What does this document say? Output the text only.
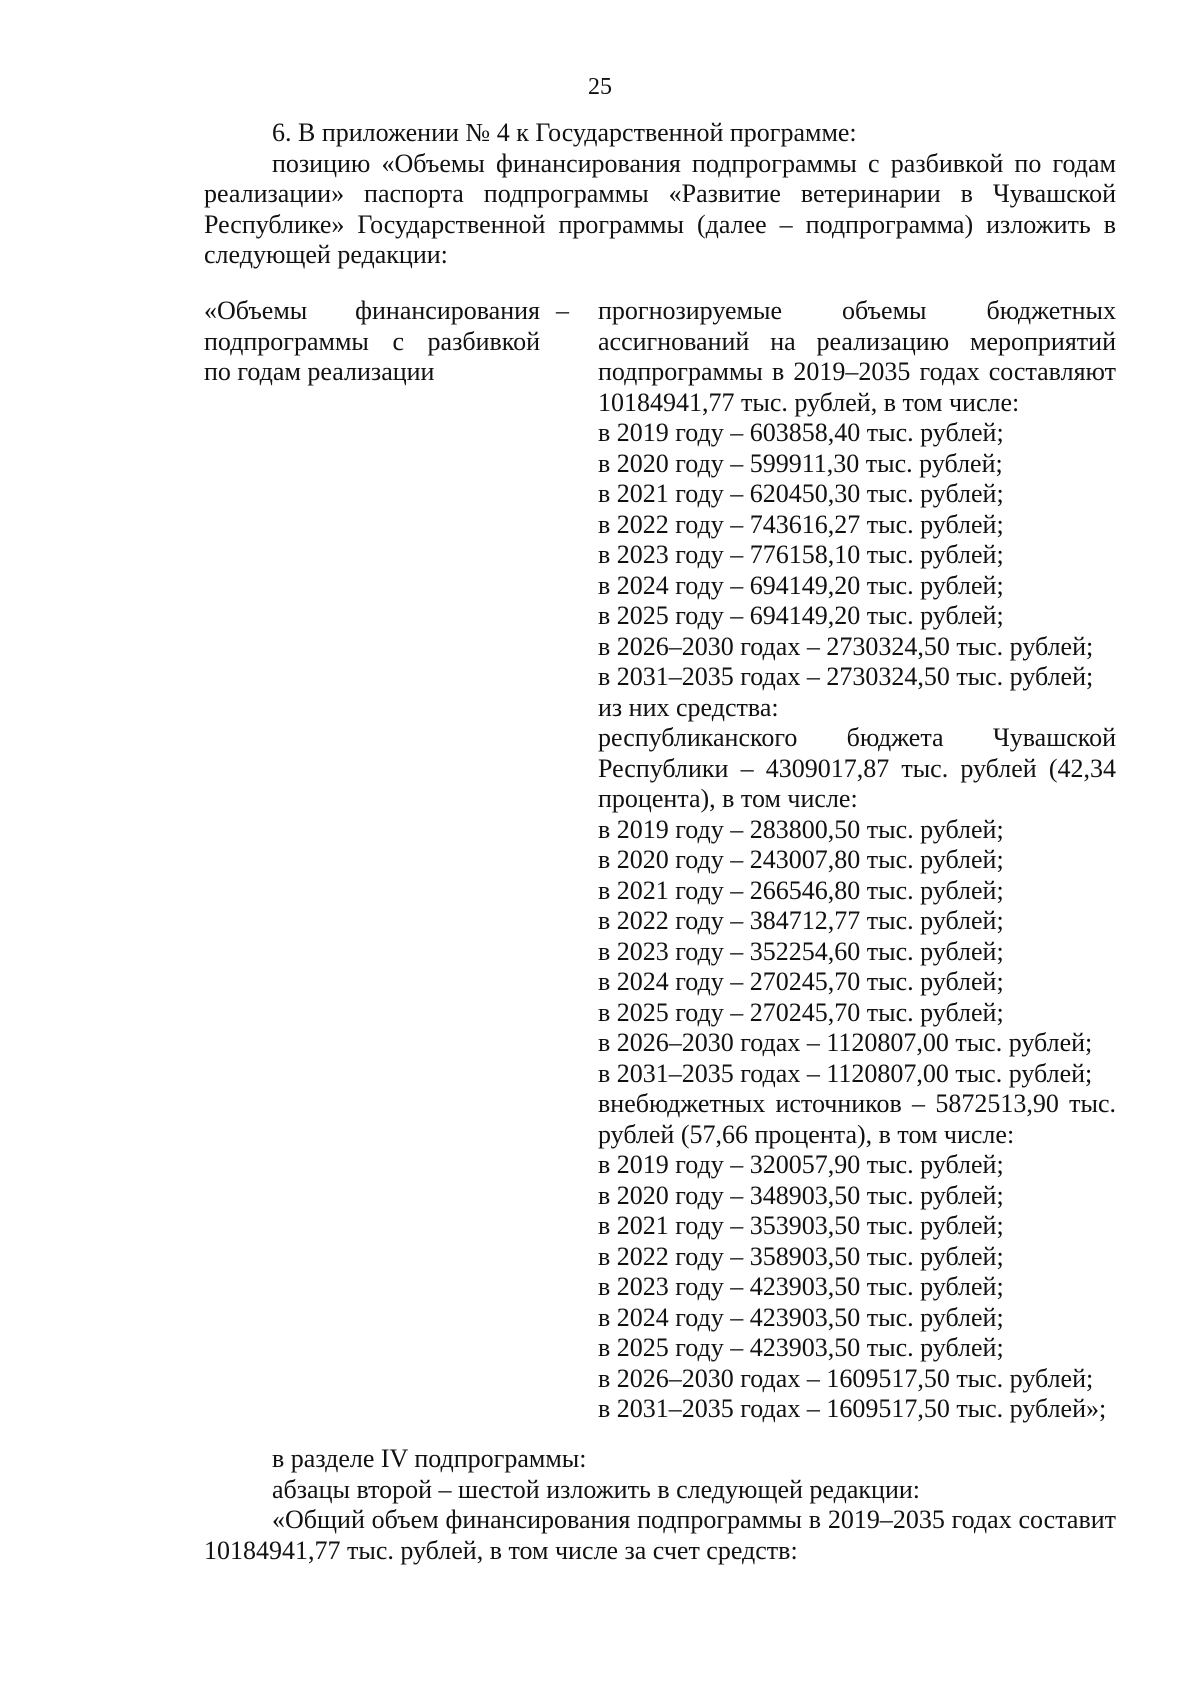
25
6. В приложении № 4 к Государственной программе:
позицию «Объемы финансирования подпрограммы с разбивкой по годам реализации» паспорта подпрограммы «Развитие ветеринарии в Чувашской Республике» Государственной программы (далее – подпрограмма) изложить в следующей редакции:
«Объемы финансирования
подпрограммы с разбивкой
по годам реализации
– прогнозируемые объемы бюджетных ассигнований на реализацию мероприятий подпрограммы в 2019–2035 годах составляют 10184941,77 тыс. рублей, в том числе:
в 2019 году – 603858,40 тыс. рублей;
в 2020 году – 599911,30 тыс. рублей;
в 2021 году – 620450,30 тыс. рублей;
в 2022 году – 743616,27 тыс. рублей;
в 2023 году – 776158,10 тыс. рублей;
в 2024 году – 694149,20 тыс. рублей;
в 2025 году – 694149,20 тыс. рублей;
в 2026–2030 годах – 2730324,50 тыс. рублей;
в 2031–2035 годах – 2730324,50 тыс. рублей;
из них средства:
республиканского бюджета Чувашской Республики – 4309017,87 тыс. рублей (42,34 процента), в том числе:
в 2019 году – 283800,50 тыс. рублей;
в 2020 году – 243007,80 тыс. рублей;
в 2021 году – 266546,80 тыс. рублей;
в 2022 году – 384712,77 тыс. рублей;
в 2023 году – 352254,60 тыс. рублей;
в 2024 году – 270245,70 тыс. рублей;
в 2025 году – 270245,70 тыс. рублей;
в 2026–2030 годах – 1120807,00 тыс. рублей;
в 2031–2035 годах – 1120807,00 тыс. рублей;
внебюджетных источников – 5872513,90 тыс. рублей (57,66 процента), в том числе:
в 2019 году – 320057,90 тыс. рублей;
в 2020 году – 348903,50 тыс. рублей;
в 2021 году – 353903,50 тыс. рублей;
в 2022 году – 358903,50 тыс. рублей;
в 2023 году – 423903,50 тыс. рублей;
в 2024 году – 423903,50 тыс. рублей;
в 2025 году – 423903,50 тыс. рублей;
в 2026–2030 годах – 1609517,50 тыс. рублей;
в 2031–2035 годах – 1609517,50 тыс. рублей»;
в разделе IV подпрограммы:
абзацы второй – шестой изложить в следующей редакции:
«Общий объем финансирования подпрограммы в 2019–2035 годах составит 10184941,77 тыс. рублей, в том числе за счет средств:
